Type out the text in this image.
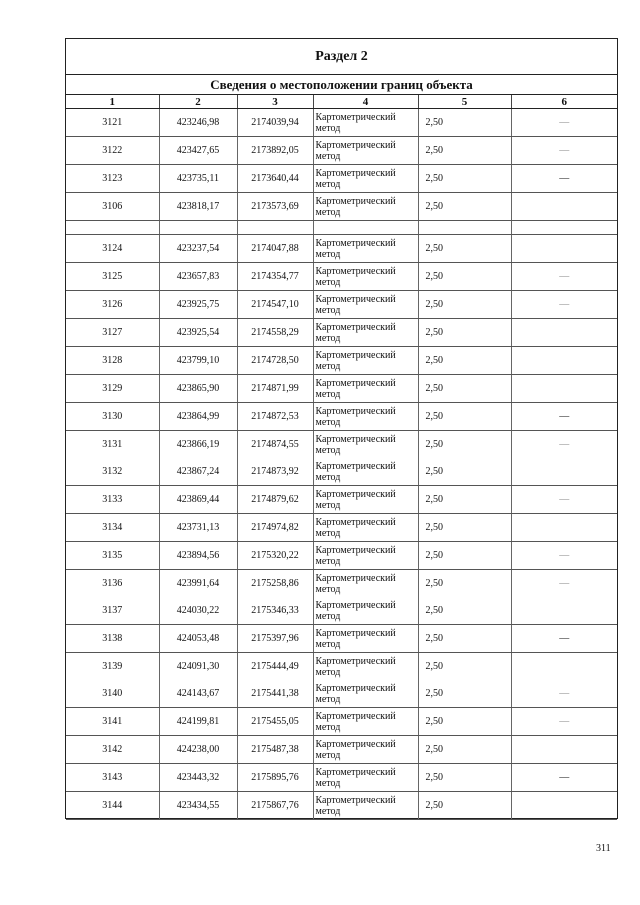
Раздел 2
Сведения о местоположении границ объекта
1	2	3	4	5	6
3121	423246,98	2174039,94	Картометрический метод	2,50	—
3122	423427,65	2173892,05	Картометрический метод	2,50	—
3123	423735,11	2173640,44	Картометрический метод	2,50	—
3106	423818,17	2173573,69	Картометрический метод	2,50	

3124	423237,54	2174047,88	Картометрический метод	2,50	
3125	423657,83	2174354,77	Картометрический метод	2,50	—
3126	423925,75	2174547,10	Картометрический метод	2,50	—
3127	423925,54	2174558,29	Картометрический метод	2,50	
3128	423799,10	2174728,50	Картометрический метод	2,50	
3129	423865,90	2174871,99	Картометрический метод	2,50	
3130	423864,99	2174872,53	Картометрический метод	2,50	—
3131	423866,19	2174874,55	Картометрический метод	2,50	—
3132	423867,24	2174873,92	Картометрический метод	2,50	
3133	423869,44	2174879,62	Картометрический метод	2,50	—
3134	423731,13	2174974,82	Картометрический метод	2,50	
3135	423894,56	2175320,22	Картометрический метод	2,50	—
3136	423991,64	2175258,86	Картометрический метод	2,50	—
3137	424030,22	2175346,33	Картометрический метод	2,50	
3138	424053,48	2175397,96	Картометрический метод	2,50	—
3139	424091,30	2175444,49	Картометрический метод	2,50	
3140	424143,67	2175441,38	Картометрический метод	2,50	—
3141	424199,81	2175455,05	Картометрический метод	2,50	—
3142	424238,00	2175487,38	Картометрический метод	2,50	
3143	423443,32	2175895,76	Картометрический метод	2,50	—
3144	423434,55	2175867,76	Картометрический метод	2,50	
311
